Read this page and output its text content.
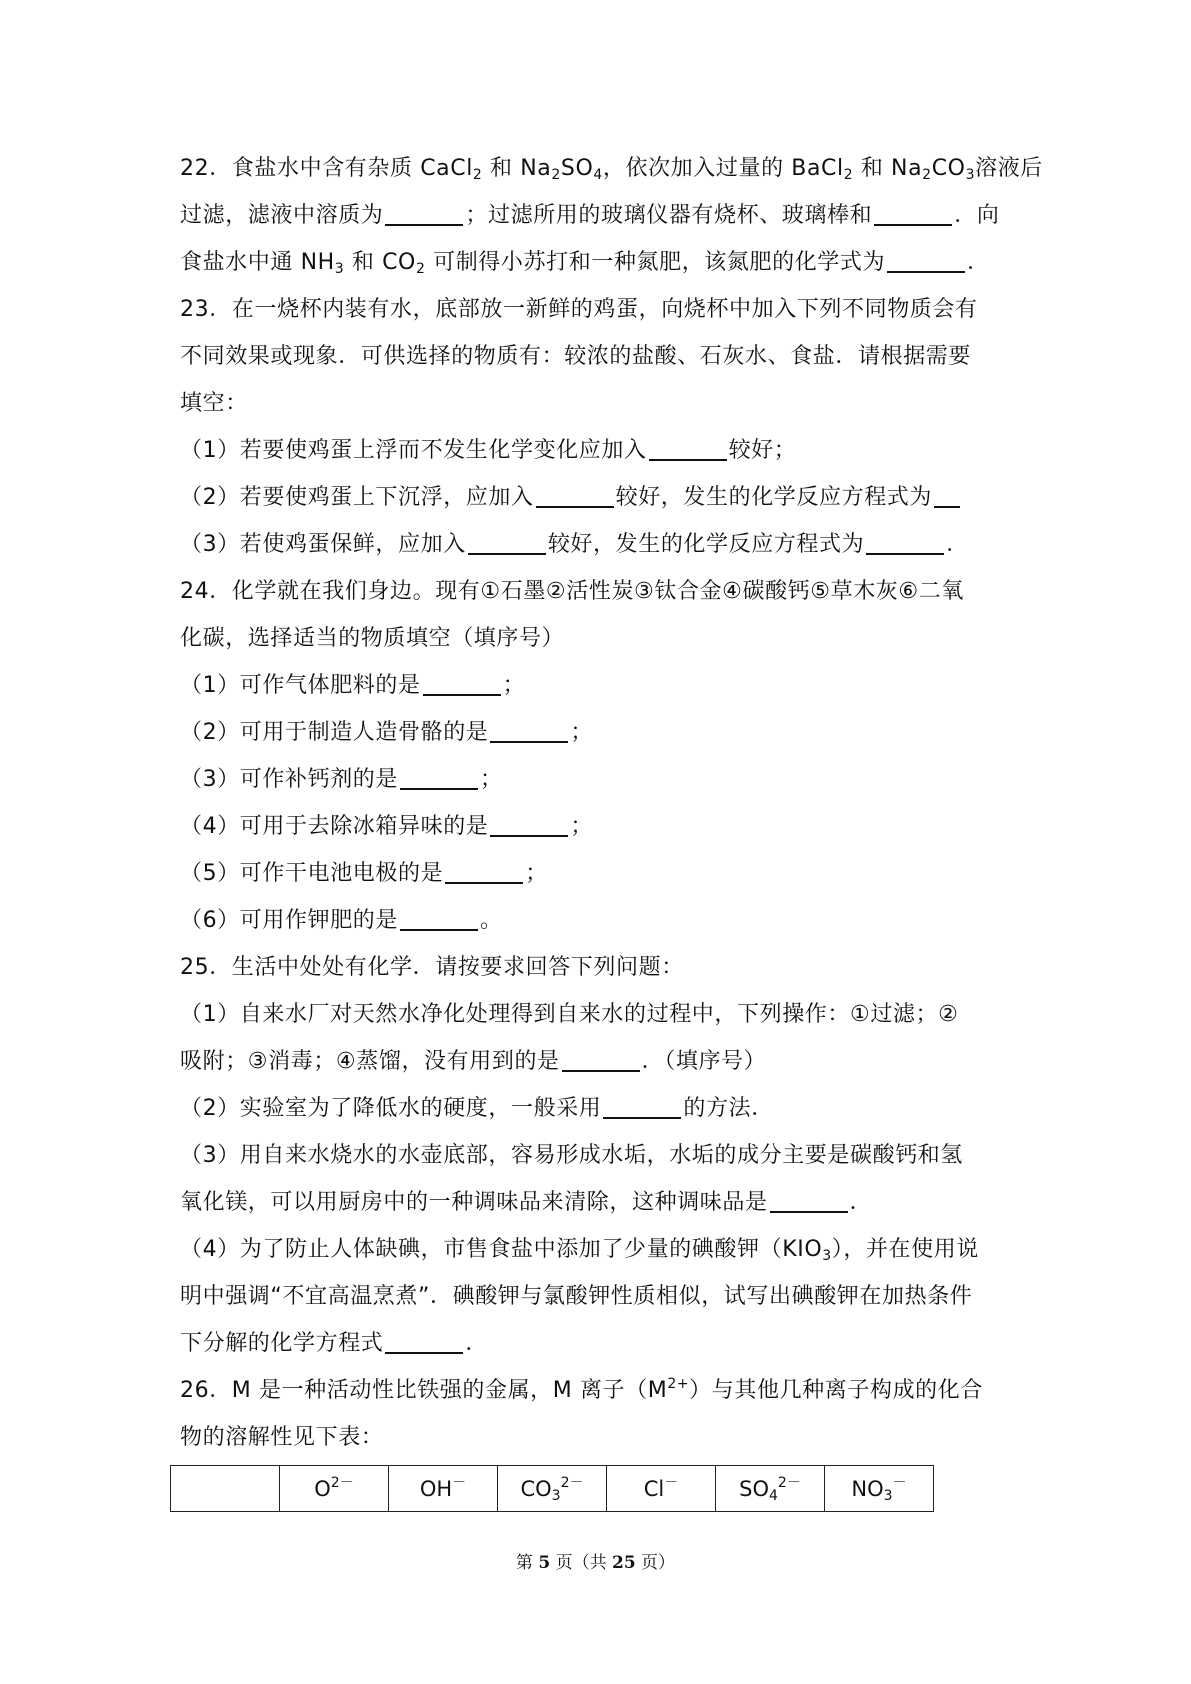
22．食盐水中含有杂质 CaCl$_2$ 和 $Na_2SO_4$，依次加入过量的 BaCl$_2$ 和 $Na_2CO_3$溶液后
过滤，滤液中溶质为	；过滤所用的玻璃仪器有烧杯、玻璃棒和	．向
食盐水中通 $NH_3$ 和 $CO_2$ 可制得小苏打和一种氮肥，该氮肥的化学式为	．
23．在一烧杯内装有水，底部放一新鲜的鸡蛋，向烧杯中加入下列不同物质会有
不同效果或现象．可供选择的物质有：较浓的盐酸、石灰水、食盐．请根据需要
填空：
（1）若要使鸡蛋上浮而不发生化学变化应加入	较好；
（2）若要使鸡蛋上下沉浮，应加入	较好，发生的化学反应方程式为
（3）若使鸡蛋保鲜，应加入	较好，发生的化学反应方程式为	．
24．化学就在我们身边。现有①石墨②活性炭③钛合金④碳酸钙⑤草木灰⑥二氧
化碳，选择适当的物质填空（填序号）
（1）可作气体肥料的是	；
（2）可用于制造人造骨骼的是	；
（3）可作补钙剂的是	；
（4）可用于去除冰箱异味的是	；
（5）可作干电池电极的是	；
（6）可用作钾肥的是	。
25．生活中处处有化学．请按要求回答下列问题：
（1）自来水厂对天然水净化处理得到自来水的过程中，下列操作：①过滤；②
吸附；③消毒；④蒸馏，没有用到的是	．（填序号）
（2）实验室为了降低水的硬度，一般采用	的方法．
（3）用自来水烧水的水壶底部，容易形成水垢，水垢的成分主要是碳酸钙和氢
氧化镁，可以用厨房中的一种调味品来清除，这种调味品是	．
（4）为了防止人体缺碘，市售食盐中添加了少量的碘酸钾$(KIO_3)$，并在使用说
明中强调“不宜高温烹煮”．碘酸钾与氯酸钾性质相似，试写出碘酸钾在加热条件
下分解的化学方程式	．
26．M 是一种活动性比铁强的金属，M 离子$(M^{2+})$与其他几种离子构成的化合
物的溶解性见下表：
	$O^{2-}$	OH－	$CO_3^{2-}$	Cl－	$SO_4^{2-}$	$NO_3^-$
第 5 页（共 25 页）
